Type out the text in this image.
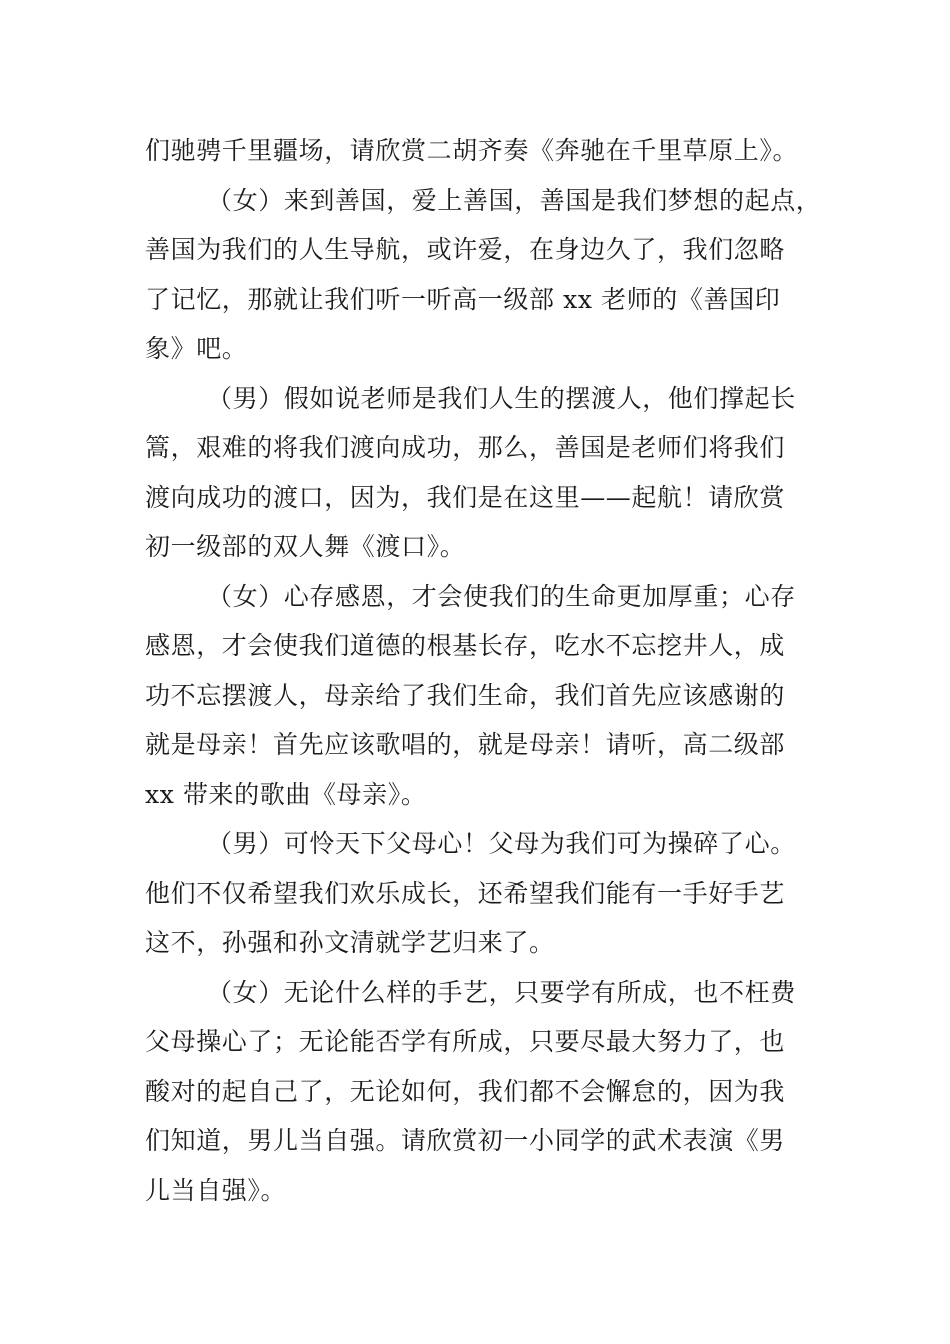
们驰骋千里疆场，请欣赏二胡齐奏《奔驰在千里草原上》。
（女）来到善国，爱上善国，善国是我们梦想的起点，
善国为我们的人生导航，或许爱，在身边久了，我们忽略
了记忆，那就让我们听一听高一级部 xx 老师的《善国印
象》吧。
（男）假如说老师是我们人生的摆渡人，他们撑起长
篙，艰难的将我们渡向成功，那么，善国是老师们将我们
渡向成功的渡口，因为，我们是在这里——起航！请欣赏
初一级部的双人舞《渡口》。
（女）心存感恩，才会使我们的生命更加厚重；心存
感恩，才会使我们道德的根基长存，吃水不忘挖井人，成
功不忘摆渡人，母亲给了我们生命，我们首先应该感谢的
就是母亲！首先应该歌唱的，就是母亲！请听，高二级部
xx 带来的歌曲《母亲》。
（男）可怜天下父母心！父母为我们可为操碎了心。
他们不仅希望我们欢乐成长，还希望我们能有一手好手艺
这不，孙强和孙文清就学艺归来了。
（女）无论什么样的手艺，只要学有所成，也不枉费
父母操心了；无论能否学有所成，只要尽最大努力了，也
酸对的起自己了，无论如何，我们都不会懈怠的，因为我
们知道，男儿当自强。请欣赏初一小同学的武术表演《男
儿当自强》。
